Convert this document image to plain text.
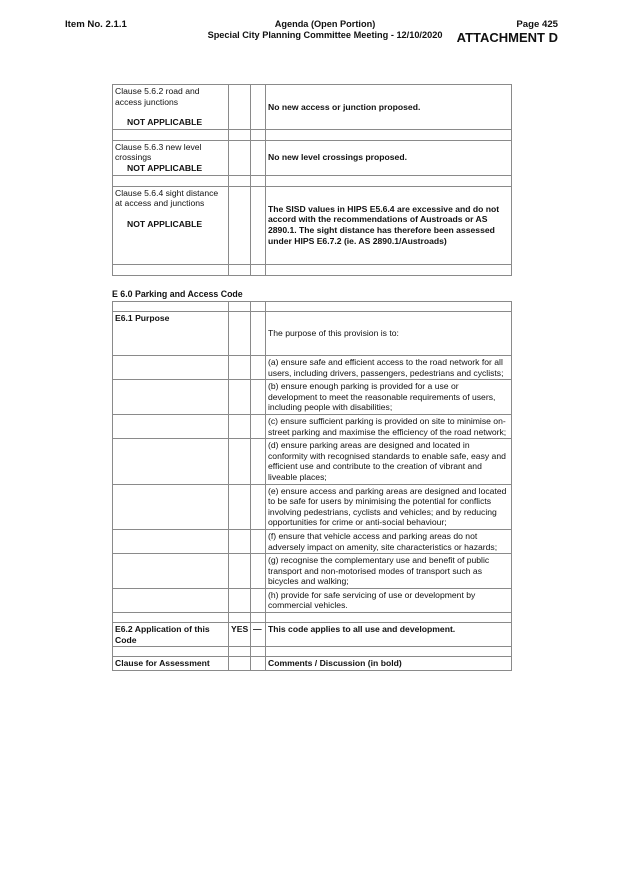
Item No. 2.1.1	Agenda (Open Portion)
Special City Planning Committee Meeting - 12/10/2020
Page 425
ATTACHMENT D
Clause 5.6.2 road and access junctions
NOT APPLICABLE			No new access or junction proposed.

Clause 5.6.3 new level crossings
NOT APPLICABLE			No new level crossings proposed.

Clause 5.6.4 sight distance at access and junctions
NOT APPLICABLE			The SISD values in HIPS E5.6.4 are excessive and do not accord with the recommendations of Austroads or AS 2890.1. The sight distance has therefore been assessed under HIPS E6.7.2 (ie. AS 2890.1/Austroads)

E 6.0 Parking and Access Code

E6.1 Purpose			The purpose of this provision is to:
			(a) ensure safe and efficient access to the road network for all users, including drivers, passengers, pedestrians and cyclists;
			(b) ensure enough parking is provided for a use or development to meet the reasonable requirements of users, including people with disabilities;
			(c) ensure sufficient parking is provided on site to minimise on-street parking and maximise the efficiency of the road network;
			(d) ensure parking areas are designed and located in conformity with recognised standards to enable safe, easy and efficient use and contribute to the creation of vibrant and liveable places;
			(e) ensure access and parking areas are designed and located to be safe for users by minimising the potential for conflicts involving pedestrians, cyclists and vehicles; and by reducing opportunities for crime or anti-social behaviour;
			(f) ensure that vehicle access and parking areas do not adversely impact on amenity, site characteristics or hazards;
			(g) recognise the complementary use and benefit of public transport and non-motorised modes of transport such as bicycles and walking;
			(h) provide for safe servicing of use or development by commercial vehicles.

E6.2 Application of this Code	YES	—	This code applies to all use and development.

Clause for Assessment			Comments / Discussion (in bold)
